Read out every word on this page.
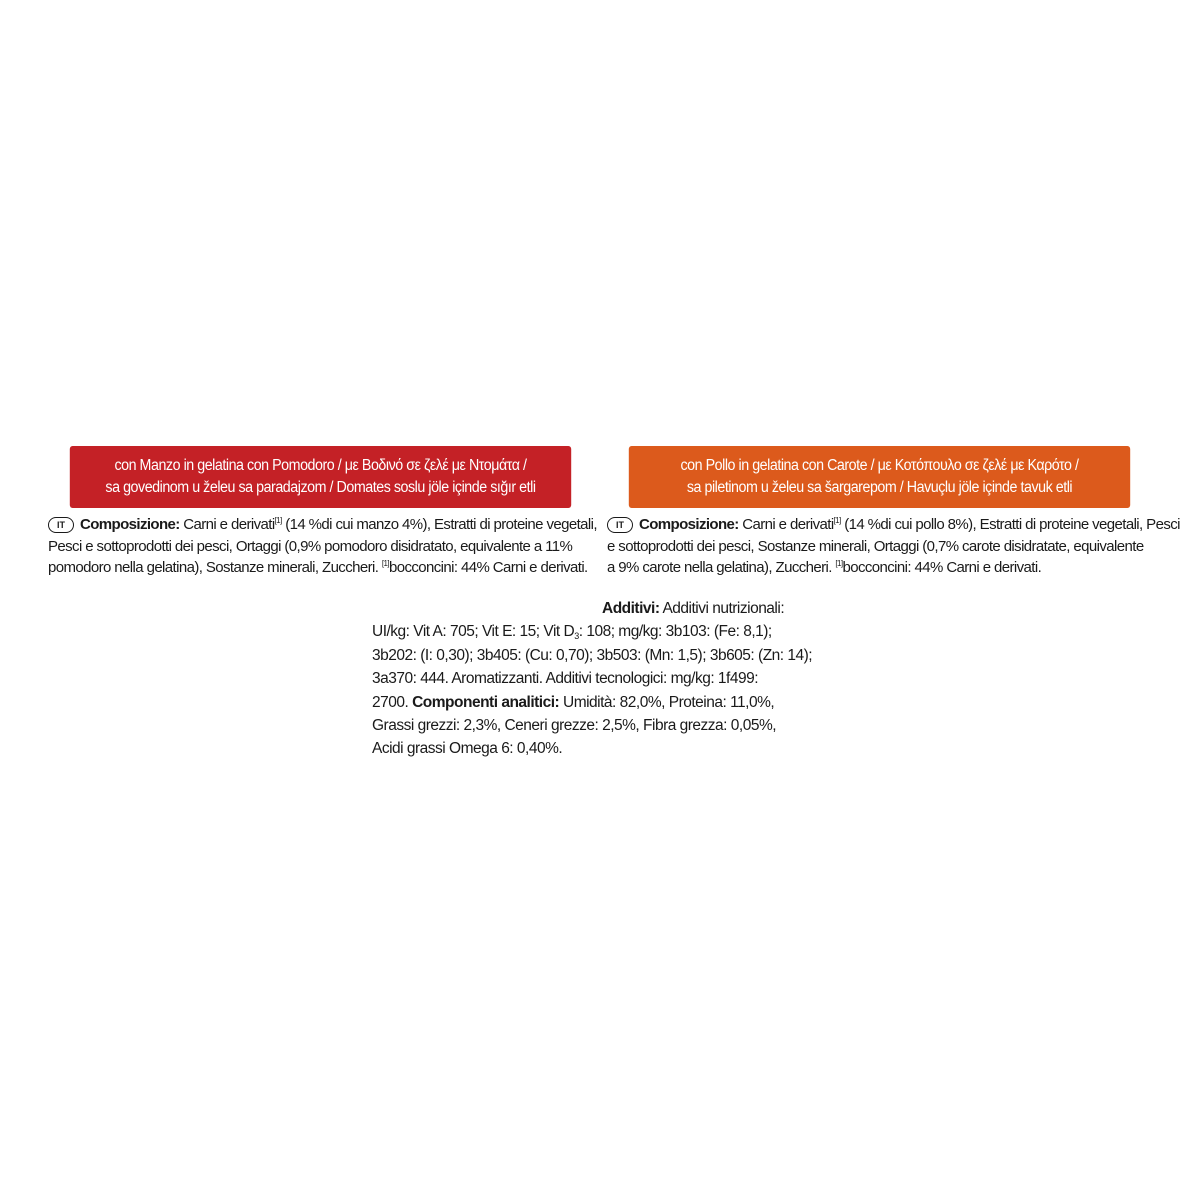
con Manzo in gelatina con Pomodoro / με Βοδινό σε ζελέ με Ντομάτα /
sa govedinom u želeu sa paradajzom / Domates soslu jöle içinde sığır etli
con Pollo in gelatina con Carote / με Κοτόπουλο σε ζελέ με Καρότο /
sa piletinom u želeu sa šargarepom / Havuçlu jöle içinde tavuk etli
IT Composizione: Carni e derivati[1] (14 %di cui manzo 4%), Estratti di proteine vegetali,
Pesci e sottoprodotti dei pesci, Ortaggi (0,9% pomodoro disidratato, equivalente a 11%
pomodoro nella gelatina), Sostanze minerali, Zuccheri. [1]bocconcini: 44% Carni e derivati.
IT Composizione: Carni e derivati[1] (14 %di cui pollo 8%), Estratti di proteine vegetali, Pesci
e sottoprodotti dei pesci, Sostanze minerali, Ortaggi (0,7% carote disidratate, equivalente
a 9% carote nella gelatina), Zuccheri. [1]bocconcini: 44% Carni e derivati.
Additivi: Additivi nutrizionali:
UI/kg: Vit A: 705; Vit E: 15; Vit $D_3$: 108; mg/kg: 3b103: (Fe: 8,1);
3b202: (I: 0,30); 3b405: (Cu: 0,70); 3b503: (Mn: 1,5); 3b605: (Zn: 14);
3a370: 444. Aromatizzanti. Additivi tecnologici: mg/kg: 1f499:
2700. Componenti analitici: Umidità: 82,0%, Proteina: 11,0%,
Grassi grezzi: 2,3%, Ceneri grezze: 2,5%, Fibra grezza: 0,05%,
Acidi grassi Omega 6: 0,40%.
